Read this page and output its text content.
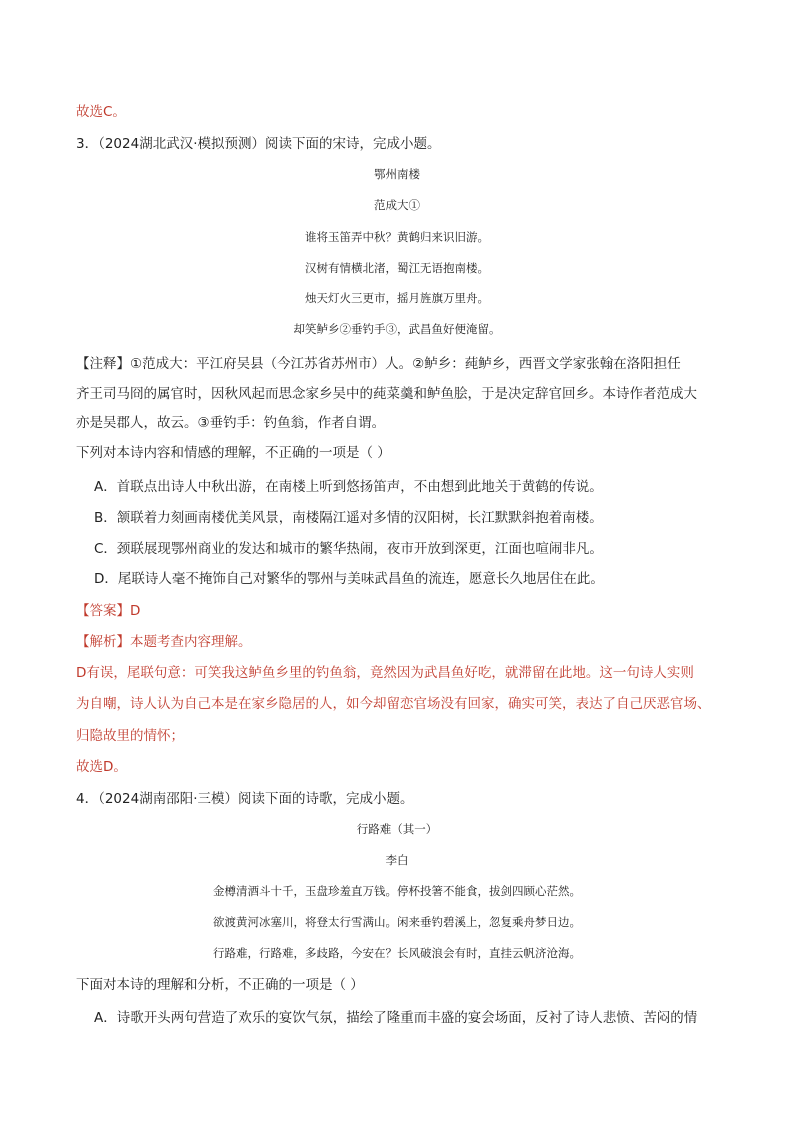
故选C。
3．（2024湖北武汉·模拟预测）阅读下面的宋诗，完成小题。
鄂州南楼
范成大①
谁将玉笛弄中秋？黄鹤归来识旧游。
汉树有情横北渚，蜀江无语抱南楼。
烛天灯火三更市，摇月旌旗万里舟。
却笑鲈乡②垂钓手③，武昌鱼好便淹留。
【注释】①范成大：平江府吴县（今江苏省苏州市）人。②鲈乡：莼鲈乡，西晋文学家张翰在洛阳担任
齐王司马冏的属官时，因秋风起而思念家乡吴中的莼菜羹和鲈鱼脍，于是决定辞官回乡。本诗作者范成大
亦是吴郡人，故云。③垂钓手：钓鱼翁，作者自谓。
下列对本诗内容和情感的理解，不正确的一项是（ ）
A．首联点出诗人中秋出游，在南楼上听到悠扬笛声，不由想到此地关于黄鹤的传说。
B．颔联着力刻画南楼优美风景，南楼隔江遥对多情的汉阳树，长江默默斜抱着南楼。
C．颈联展现鄂州商业的发达和城市的繁华热闹，夜市开放到深更，江面也喧闹非凡。
D．尾联诗人毫不掩饰自己对繁华的鄂州与美味武昌鱼的流连，愿意长久地居住在此。
【答案】D
【解析】本题考查内容理解。
D有误，尾联句意：可笑我这鲈鱼乡里的钓鱼翁，竟然因为武昌鱼好吃，就滞留在此地。这一句诗人实则
为自嘲，诗人认为自己本是在家乡隐居的人，如今却留恋官场没有回家，确实可笑，表达了自己厌恶官场、
归隐故里的情怀；
故选D。
4．（2024湖南邵阳·三模）阅读下面的诗歌，完成小题。
行路难（其一）
李白
金樽清酒斗十千，玉盘珍羞直万钱。停杯投箸不能食，拔剑四顾心茫然。
欲渡黄河冰塞川，将登太行雪满山。闲来垂钓碧溪上，忽复乘舟梦日边。
行路难，行路难，多歧路，今安在？长风破浪会有时，直挂云帆济沧海。
下面对本诗的理解和分析，不正确的一项是（ ）
A．诗歌开头两句营造了欢乐的宴饮气氛，描绘了隆重而丰盛的宴会场面，反衬了诗人悲愤、苦闷的情
